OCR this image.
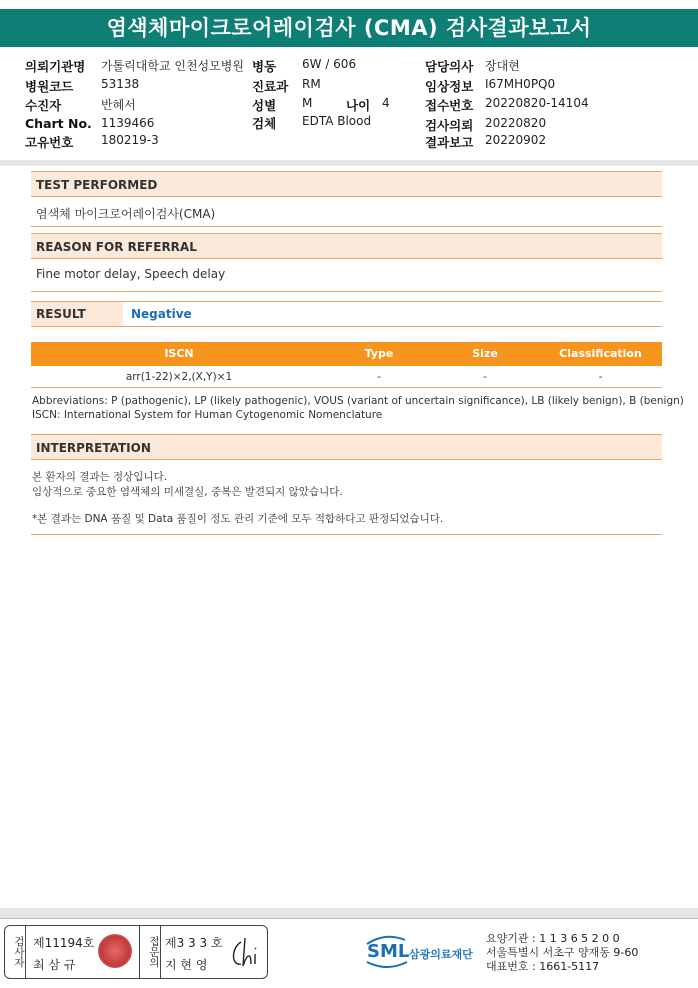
염색체마이크로어레이검사 (CMA) 검사결과보고서
의뢰기관명 가톨릭대학교 인천성모병원
병원코드 53138
수진자	반혜서
Chart No. 1139466
고유번호 180219-3
병동 6W / 606
진료과 RM
성별 M	나이 4
검체 EDTA Blood
담당의사 장대현
임상정보 I67MH0PQ0
접수번호 20220820-14104
검사의뢰 20220820
결과보고 20220902
TEST PERFORMED
염색체 마이크로어레이검사(CMA)
REASON FOR REFERRAL
Fine motor delay, Speech delay
RESULT	Negative
ISCN	Type	Size	Classification
arr(1-22)×2,(X,Y)×1	-	-	-
Abbreviations: P (pathogenic), LP (likely pathogenic), VOUS (variant of uncertain significance), LB (likely benign), B (benign)
ISCN: International System for Human Cytogenomic Nomenclature
INTERPRETATION
본 환자의 결과는 정상입니다.
임상적으로 중요한 염색체의 미세결실, 중복은 발견되지 않았습니다.
*본 결과는 DNA 품질 및 Data 품질이 정도 관리 기준에 모두 적합하다고 판정되었습니다.
검사자 제11194호
최 삼 규	접문의 제3 3 3 호
지 현 영
SML 삼광의료재단
요양기관 : 1 1 3 6 5 2 0 0
서울특별시 서초구 양재동 9-60
대표번호 : 1661-5117
